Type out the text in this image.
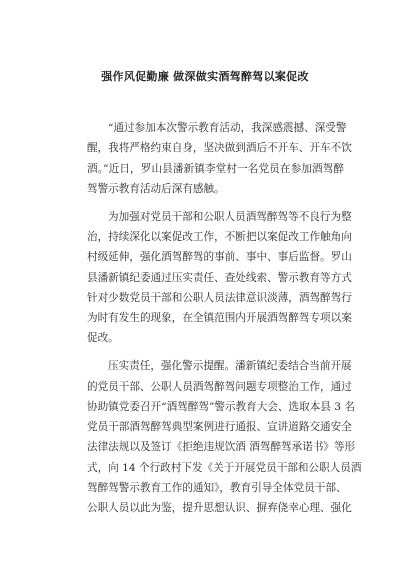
强作风促勤廉 做深做实酒驾醉驾以案促改
“通过参加本次警示教育活动，我深感震撼、深受警
醒，我将严格约束自身，坚决做到酒后不开车、开车不饮
酒。”近日，罗山县潘新镇李堂村一名党员在参加酒驾醉
驾警示教育活动后深有感触。
为加强对党员干部和公职人员酒驾醉驾等不良行为整
治，持续深化以案促改工作，不断把以案促改工作触角向
村级延伸，强化酒驾醉驾的事前、事中、事后监督。罗山
县潘新镇纪委通过压实责任、查处线索、警示教育等方式
针对少数党员干部和公职人员法律意识淡薄，酒驾醉驾行
为时有发生的现象，在全镇范围内开展酒驾醉驾专项以案
促改。
压实责任，强化警示提醒。潘新镇纪委结合当前开展
的党员干部、公职人员酒驾醉驾问题专项整治工作，通过
协助镇党委召开“酒驾醉驾”警示教育大会、选取本县 3 名
党员干部酒驾醉驾典型案例进行通报、宣讲道路交通安全
法律法规以及签订《拒绝违规饮酒 酒驾醉驾承诺书》等形
式，向 14 个行政村下发《关于开展党员干部和公职人员酒
驾醉驾警示教育工作的通知》，教育引导全体党员干部、
公职人员以此为鉴，提升思想认识、摒弃侥幸心理、强化
